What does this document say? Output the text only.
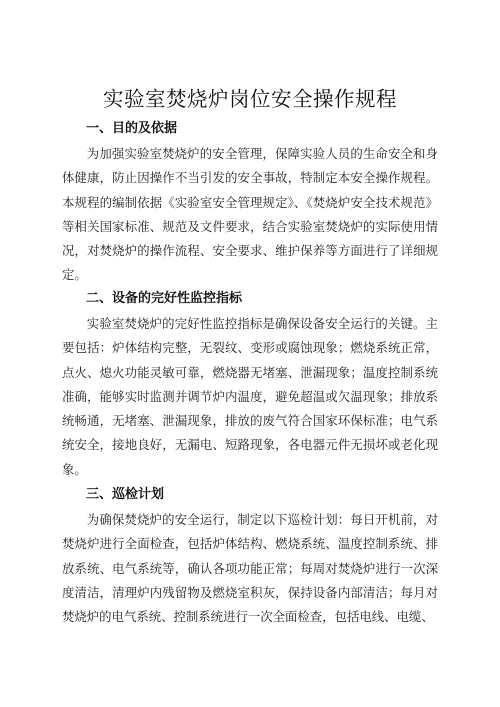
实验室焚烧炉岗位安全操作规程
一、目的及依据
为加强实验室焚烧炉的安全管理，保障实验人员的生命安全和身体健康，防止因操作不当引发的安全事故，特制定本安全操作规程。本规程的编制依据《实验室安全管理规定》、《焚烧炉安全技术规范》等相关国家标准、规范及文件要求，结合实验室焚烧炉的实际使用情况，对焚烧炉的操作流程、安全要求、维护保养等方面进行了详细规定。
二、设备的完好性监控指标
实验室焚烧炉的完好性监控指标是确保设备安全运行的关键。主要包括：炉体结构完整，无裂纹、变形或腐蚀现象；燃烧系统正常，点火、熄火功能灵敏可靠，燃烧器无堵塞、泄漏现象；温度控制系统准确，能够实时监测并调节炉内温度，避免超温或欠温现象；排放系统畅通，无堵塞、泄漏现象，排放的废气符合国家环保标准；电气系统安全，接地良好，无漏电、短路现象，各电器元件无损坏或老化现象。
三、巡检计划
为确保焚烧炉的安全运行，制定以下巡检计划：每日开机前，对焚烧炉进行全面检查，包括炉体结构、燃烧系统、温度控制系统、排放系统、电气系统等，确认各项功能正常；每周对焚烧炉进行一次深度清洁，清理炉内残留物及燃烧室积灰，保持设备内部清洁；每月对焚烧炉的电气系统、控制系统进行一次全面检查，包括电线、电缆、
